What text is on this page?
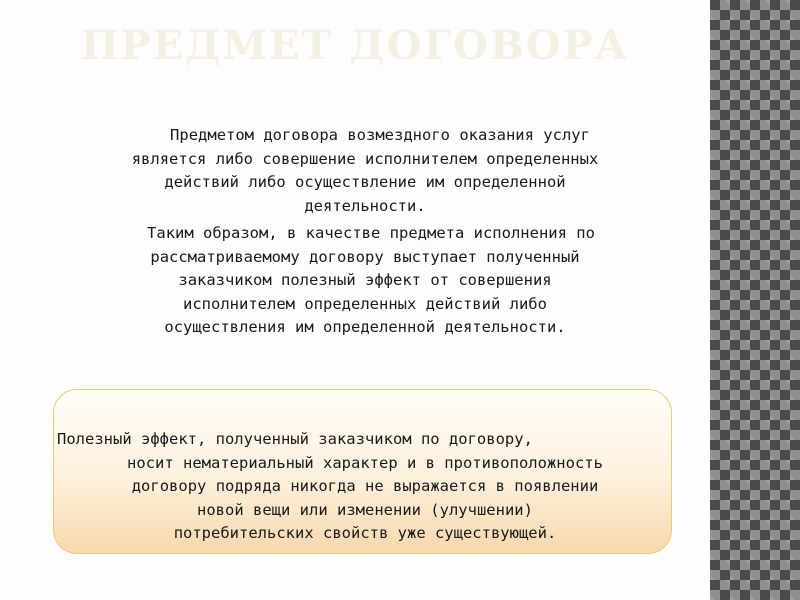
ПРЕДМЕТ ДОГОВОРА

Предметом договора возмездного оказания услуг
является либо совершение исполнителем определенных
действий либо осуществление им определенной
деятельности.

Таким образом, в качестве предмета исполнения по
рассматриваемому договору выступает полученный
заказчиком полезный эффект от совершения
исполнителем определенных действий либо
осуществления им определенной деятельности.

Полезный эффект, полученный заказчиком по договору,
носит нематериальный характер и в противоположность
договору подряда никогда не выражается в появлении
новой вещи или изменении (улучшении)
потребительских свойств уже существующей.
